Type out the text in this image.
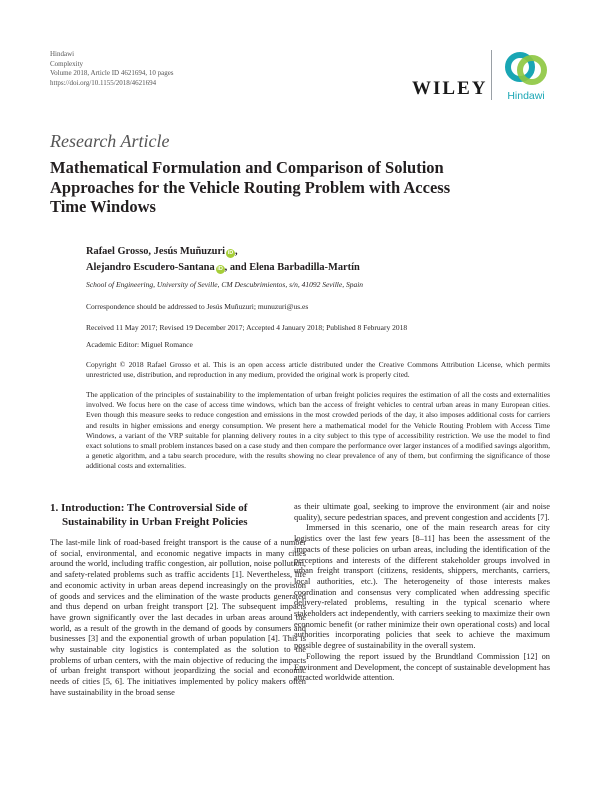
Hindawi
Complexity
Volume 2018, Article ID 4621694, 10 pages
https://doi.org/10.1155/2018/4621694	WILEY	Hindawi
Research Article
Mathematical Formulation and Comparison of Solution Approaches for the Vehicle Routing Problem with Access Time Windows
Rafael Grosso, Jesús Muñuzuri iD ,
Alejandro Escudero-Santana iD , and Elena Barbadilla-Martín
School of Engineering, University of Seville, CM Descubrimientos, s/n, 41092 Seville, Spain
Correspondence should be addressed to Jesús Muñuzuri; munuzuri@us.es
Received 11 May 2017; Revised 19 December 2017; Accepted 4 January 2018; Published 8 February 2018
Academic Editor: Miguel Romance
Copyright © 2018 Rafael Grosso et al. This is an open access article distributed under the Creative Commons Attribution License, which permits unrestricted use, distribution, and reproduction in any medium, provided the original work is properly cited.
The application of the principles of sustainability to the implementation of urban freight policies requires the estimation of all the costs and externalities involved. We focus here on the case of access time windows, which ban the access of freight vehicles to central urban areas in many European cities. Even though this measure seeks to reduce congestion and emissions in the most crowded periods of the day, it also imposes additional costs for carriers and results in higher emissions and energy consumption. We present here a mathematical model for the Vehicle Routing Problem with Access Time Windows, a variant of the VRP suitable for planning delivery routes in a city subject to this type of accessibility restriction. We use the model to find exact solutions to small problem instances based on a case study and then compare the performance over larger instances of a modified savings algorithm, a genetic algorithm, and a tabu search procedure, with the results showing no clear prevalence of any of them, but confirming the significance of those additional costs and externalities.
1. Introduction: The Controversial Side of Sustainability in Urban Freight Policies

The last-mile link of road-based freight transport is the cause of a number of social, environmental, and economic negative impacts in many cities around the world, including traffic congestion, air pollution, noise pollution, and safety-related problems such as traffic accidents [1]. Nevertheless, life and economic activity in urban areas depend increasingly on the provision of goods and services and the elimination of the waste products generated and thus depend on urban freight transport [2]. The subsequent impacts have grown significantly over the last decades in urban areas around the world, as a result of the growth in the demand of goods by consumers and businesses [3] and the exponential growth of urban population [4]. This is why sustainable city logistics is contemplated as the solution to the problems of urban centers, with the main objective of reducing the impacts of urban freight transport without jeopardizing the social and economic needs of cities [5, 6]. The initiatives implemented by policy makers often have sustainability in the broad sense

as their ultimate goal, seeking to improve the environment (air and noise quality), secure pedestrian spaces, and prevent congestion and accidents [7].

Immersed in this scenario, one of the main research areas for city logistics over the last few years [8–11] has been the assessment of the impacts of these policies on urban areas, including the identification of the perceptions and interests of the different stakeholder groups involved in urban freight transport (citizens, residents, shippers, merchants, carriers, local authorities, etc.). The heterogeneity of those interests makes coordination and consensus very complicated when addressing specific delivery-related problems, resulting in the typical scenario where stakeholders act independently, with carriers seeking to maximize their own economic benefit (or rather minimize their own operational costs) and local authorities incorporating policies that seek to achieve the maximum possible degree of sustainability in the overall system.

Following the report issued by the Brundtland Commission [12] on Environment and Development, the concept of sustainable development has attracted worldwide attention.
